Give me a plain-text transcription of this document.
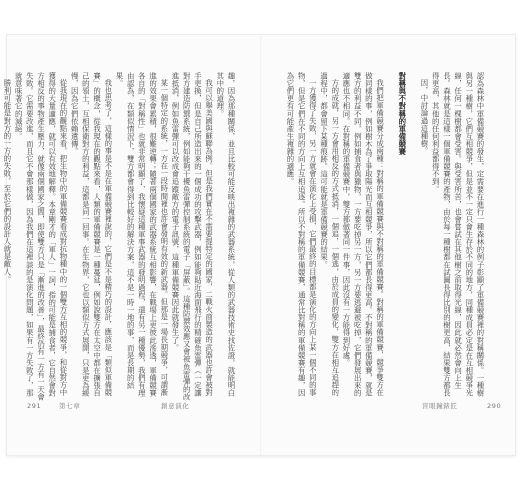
趣，因為那種關係，並且比較可能反映出複雜的武器系統，從人類的武器技術史找佐證，就能明白其中的道理。

我可以舉美國與蘇聯為例。但是我們實在不需要提特定的國家，二戰火商製造的武器也許會被對手更換，但是自己所造出來的一個成功的攻擊武器，例如能夠貼近海面飛行的精確魚雷彈（一定讓對方建造防禦系統，例如能夠干擾魚雷彈控制系統的電子「屏蔽」。這種防禦效應又會被魚雷彈的改進抵消，例如魚雷彈可以改成會追蹤敵方的電子訊號，這種軍備競賽因此就發生了。

某一個特定的系統，一方在一段時間裡也許會發明有效的新武器。但那是一場長期競爭，可謂漸進的效果會累積，很難逆轉；隨著兩個國家的武器系統互相影響，在戰場上更彼此滲透，軍備競賽各自的「對稱性」也就非常明顯了，我懷疑這種軍事武器的發明過程，還有另一種優勢，我們有理由認為，在類似情況下，雙方都會得到比較好的解決方案，這不是一時一地的事，而是長期的結果。

我也思考了，這樣的事是不是在軍備競賽裡說的，它們是不是精巧的設計，應該是「類似軍備競賽」的概念，從我現在的觀點來看，人類的軍備競賽是一種蔓延，例如說雙方在太空中都在擴張自己的領土，互相保衛對方的利益，這都是同一回事。在生物界，它也以類似方式展開，只是更為緩慢，因為它們依賴遺傳。

從我現在的觀點來看，把生物中的軍備競賽看成對抗物種中的一個雙方互相的競爭，和從對方中獲得的大量適應，就可以有效地解釋。本章剛才的「軍人」一詞，指的可能是捕食者，它自然會對方相反的事物產生壓力，就像兩個國家之間，即使雙方只是「漸進的改善」，最終仍有一方有一天會失敗。它需要改進，而且它不會那樣做，因為我們在這裡談的是演化問題，如果有一方失敗了，那就意味著它的滅絕。

勝利可能是對方的一方的失敗，至於它們的設計人就是敵人。

291	第七章	創意演化

認為森林中軍備競賽的發生，定需要在進行一種森林的例子彰顯了軍備競賽裡的對稱關係。一種樹與另一種樹，它們互相競爭，但是並不一定只會生存於不同的地方，同種成員必定是在互相競爭光線，任何一棵樹都會受害。與受害所苦，也會嘗試在其他樹之前取得光線，因此就必然會向上生長。森林就是這樣一個軍備競賽的產物，由於每一種樹都在試圖長得比別的樹更高，結果雙方都長得更高，其他的任何利益都得不到。

因，中討論過這種樹。

對稱與不對稱的軍備競賽

我們把軍備競賽分成兩種：對稱的軍備競賽與不對稱的軍備競賽。對稱的軍備競賽，競爭雙方在做同樣的事，例如樹木為了爭取陽光而互相競爭，所以它們都長得更高。不對稱的軍備競賽，就是雙方的利益不同，例如捕食者與獵物，一方要吃掉另一方，另一方要逃避被吃掉，它們發展出來的適應也不相同。在對稱的軍備競賽中，雙方都做著同一件事，因此沒有一方能得到好處。

方的成就，另一方會用相反的方式抵消，一個追，一個逃，由於成員的變化，雙方在相互追趕的過程中，都會留下某種痕跡。這可能就是軍備競賽的結果。

一方獲得了失敗，另一方就會在演化上受損，它們最終的目標都是演化的方向上某一個不同的事物，但是它們在不同的方向上互相追逐。所以不對稱的軍備競賽，通常比對稱的軍備競賽有趣，因為它們更有可能產生複雜的適應。

盲眼鐘錶匠	290
